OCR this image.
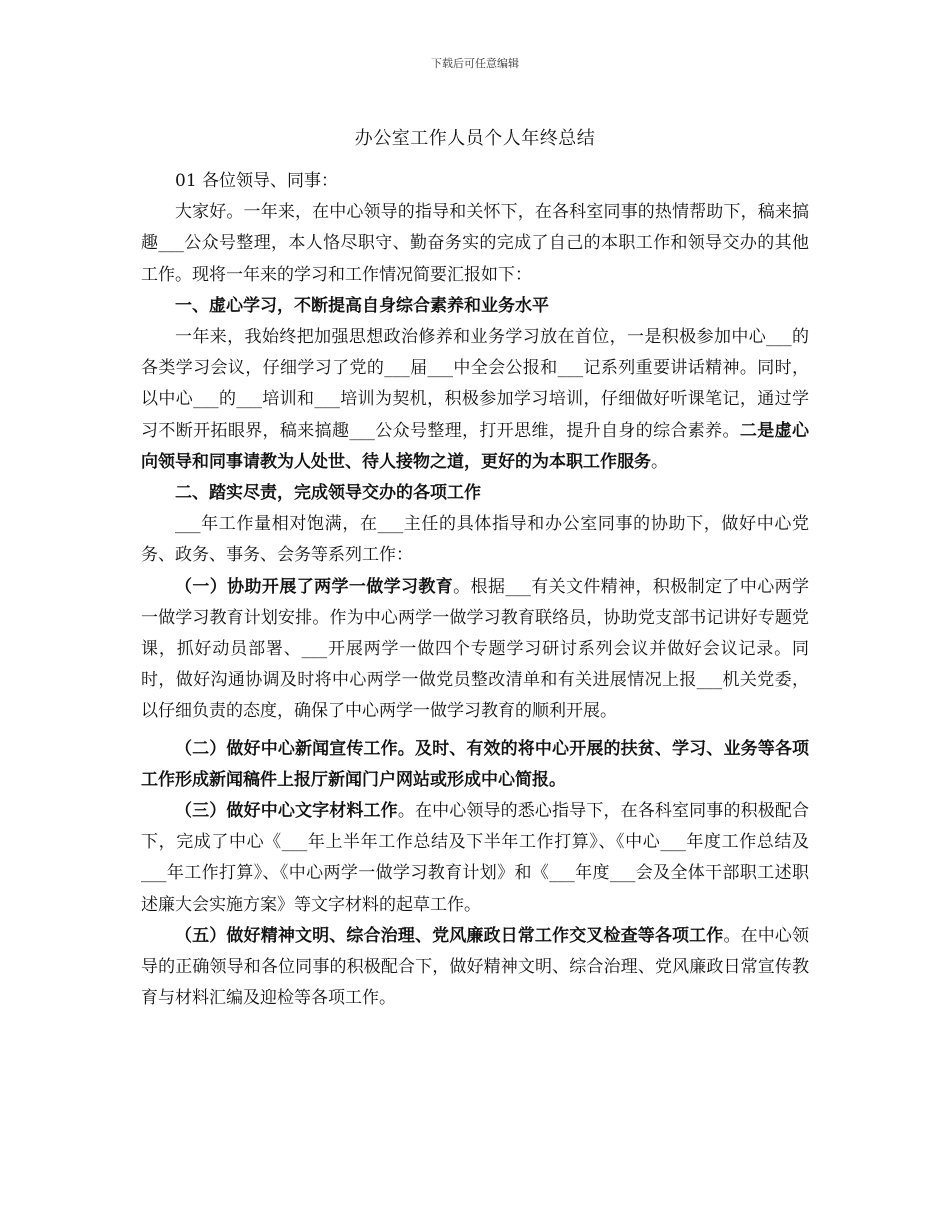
下载后可任意编辑
办公室工作人员个人年终总结

01 各位领导、同事：

大家好。一年来，在中心领导的指导和关怀下，在各科室同事的热情帮助下，稿来搞趣___公众号整理，本人恪尽职守、勤奋务实的完成了自己的本职工作和领导交办的其他工作。现将一年来的学习和工作情况简要汇报如下：

一、虚心学习，不断提高自身综合素养和业务水平

一年来，我始终把加强思想政治修养和业务学习放在首位，一是积极参加中心___的各类学习会议，仔细学习了党的___届___中全会公报和___记系列重要讲话精神。同时，以中心___的___培训和___培训为契机，积极参加学习培训，仔细做好听课笔记，通过学习不断开拓眼界，稿来搞趣___公众号整理，打开思维，提升自身的综合素养。二是虚心向领导和同事请教为人处世、待人接物之道，更好的为本职工作服务。

二、踏实尽责，完成领导交办的各项工作

___年工作量相对饱满，在___主任的具体指导和办公室同事的协助下，做好中心党务、政务、事务、会务等系列工作：

（一）协助开展了两学一做学习教育。根据___有关文件精神，积极制定了中心两学一做学习教育计划安排。作为中心两学一做学习教育联络员，协助党支部书记讲好专题党课，抓好动员部署、___开展两学一做四个专题学习研讨系列会议并做好会议记录。同时，做好沟通协调及时将中心两学一做党员整改清单和有关进展情况上报___机关党委，以仔细负责的态度，确保了中心两学一做学习教育的顺利开展。

（二）做好中心新闻宣传工作。及时、有效的将中心开展的扶贫、学习、业务等各项工作形成新闻稿件上报厅新闻门户网站或形成中心简报。

（三）做好中心文字材料工作。在中心领导的悉心指导下，在各科室同事的积极配合下，完成了中心《___年上半年工作总结及下半年工作打算》、《中心___年度工作总结及___年工作打算》、《中心两学一做学习教育计划》和《___年度___会及全体干部职工述职述廉大会实施方案》等文字材料的起草工作。

（五）做好精神文明、综合治理、党风廉政日常工作交叉检查等各项工作。在中心领导的正确领导和各位同事的积极配合下，做好精神文明、综合治理、党风廉政日常宣传教育与材料汇编及迎检等各项工作。
